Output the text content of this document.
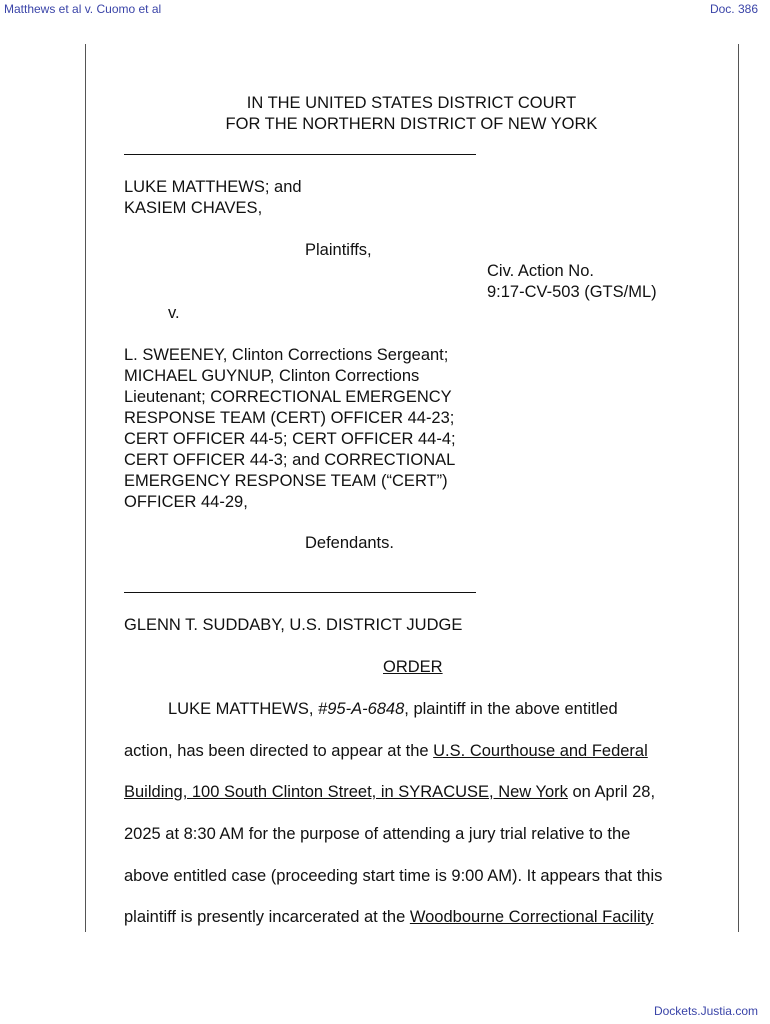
Matthews et al v. Cuomo et al	Doc. 386
IN THE UNITED STATES DISTRICT COURT
FOR THE NORTHERN DISTRICT OF NEW YORK
LUKE MATTHEWS; and
KASIEM CHAVES,
Plaintiffs,
Civ. Action No.
9:17-CV-503 (GTS/ML)
v.
L. SWEENEY, Clinton Corrections Sergeant;
MICHAEL GUYNUP, Clinton Corrections
Lieutenant; CORRECTIONAL EMERGENCY
RESPONSE TEAM (CERT) OFFICER 44-23;
CERT OFFICER 44-5; CERT OFFICER 44-4;
CERT OFFICER 44-3; and CORRECTIONAL
EMERGENCY RESPONSE TEAM (“CERT”)
OFFICER 44-29,
Defendants.
GLENN T. SUDDABY, U.S. DISTRICT JUDGE
ORDER
LUKE MATTHEWS, #95-A-6848, plaintiff in the above entitled
action, has been directed to appear at the U.S. Courthouse and Federal
Building, 100 South Clinton Street, in SYRACUSE, New York on April 28,
2025 at 8:30 AM for the purpose of attending a jury trial relative to the
above entitled case (proceeding start time is 9:00 AM). It appears that this
plaintiff is presently incarcerated at the Woodbourne Correctional Facility
Dockets.Justia.com
